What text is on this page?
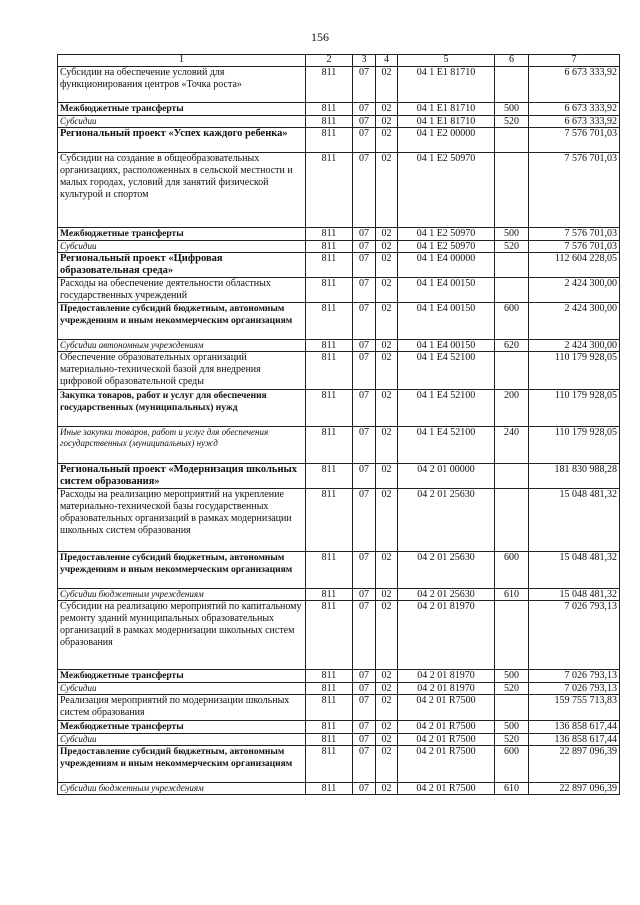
156
1	2	3	4	5	6	7
Субсидии на обеспечение условий для функционирования центров «Точка роста»	811	07	02	04 1 E1 81710		6 673 333,92
Межбюджетные трансферты	811	07	02	04 1 E1 81710	500	6 673 333,92
Субсидии	811	07	02	04 1 E1 81710	520	6 673 333,92
Региональный проект «Успех каждого ребенка»	811	07	02	04 1 E2 00000		7 576 701,03
Субсидии на создание в общеобразовательных организациях, расположенных в сельской местности и малых городах, условий для занятий физической культурой и спортом	811	07	02	04 1 E2 50970		7 576 701,03
Межбюджетные трансферты	811	07	02	04 1 E2 50970	500	7 576 701,03
Субсидии	811	07	02	04 1 E2 50970	520	7 576 701,03
Региональный проект «Цифровая образовательная среда»	811	07	02	04 1 E4 00000		112 604 228,05
Расходы на обеспечение деятельности областных государственных учреждений	811	07	02	04 1 E4 00150		2 424 300,00
Предоставление субсидий бюджетным, автономным учреждениям и иным некоммерческим организациям	811	07	02	04 1 E4 00150	600	2 424 300,00
Субсидии автономным учреждениям	811	07	02	04 1 E4 00150	620	2 424 300,00
Обеспечение образовательных организаций материально-технической базой для внедрения цифровой образовательной среды	811	07	02	04 1 E4 52100		110 179 928,05
Закупка товаров, работ и услуг для обеспечения государственных (муниципальных) нужд	811	07	02	04 1 E4 52100	200	110 179 928,05
Иные закупки товаров, работ и услуг для обеспечения государственных (муниципальных) нужд	811	07	02	04 1 E4 52100	240	110 179 928,05
Региональный проект «Модернизация школьных систем образования»	811	07	02	04 2 01 00000		181 830 988,28
Расходы на реализацию мероприятий на укрепление материально-технической базы государственных образовательных организаций в рамках модернизации школьных систем образования	811	07	02	04 2 01 25630		15 048 481,32
Предоставление субсидий бюджетным, автономным учреждениям и иным некоммерческим организациям	811	07	02	04 2 01 25630	600	15 048 481,32
Субсидии бюджетным учреждениям	811	07	02	04 2 01 25630	610	15 048 481,32
Субсидии на реализацию мероприятий по капитальному ремонту зданий муниципальных образовательных организаций в рамках модернизации школьных систем образования	811	07	02	04 2 01 81970		7 026 793,13
Межбюджетные трансферты	811	07	02	04 2 01 81970	500	7 026 793,13
Субсидии	811	07	02	04 2 01 81970	520	7 026 793,13
Реализация мероприятий по модернизации школьных систем образования	811	07	02	04 2 01 R7500		159 755 713,83
Межбюджетные трансферты	811	07	02	04 2 01 R7500	500	136 858 617,44
Субсидии	811	07	02	04 2 01 R7500	520	136 858 617,44
Предоставление субсидий бюджетным, автономным учреждениям и иным некоммерческим организациям	811	07	02	04 2 01 R7500	600	22 897 096,39
Субсидии бюджетным учреждениям	811	07	02	04 2 01 R7500	610	22 897 096,39
